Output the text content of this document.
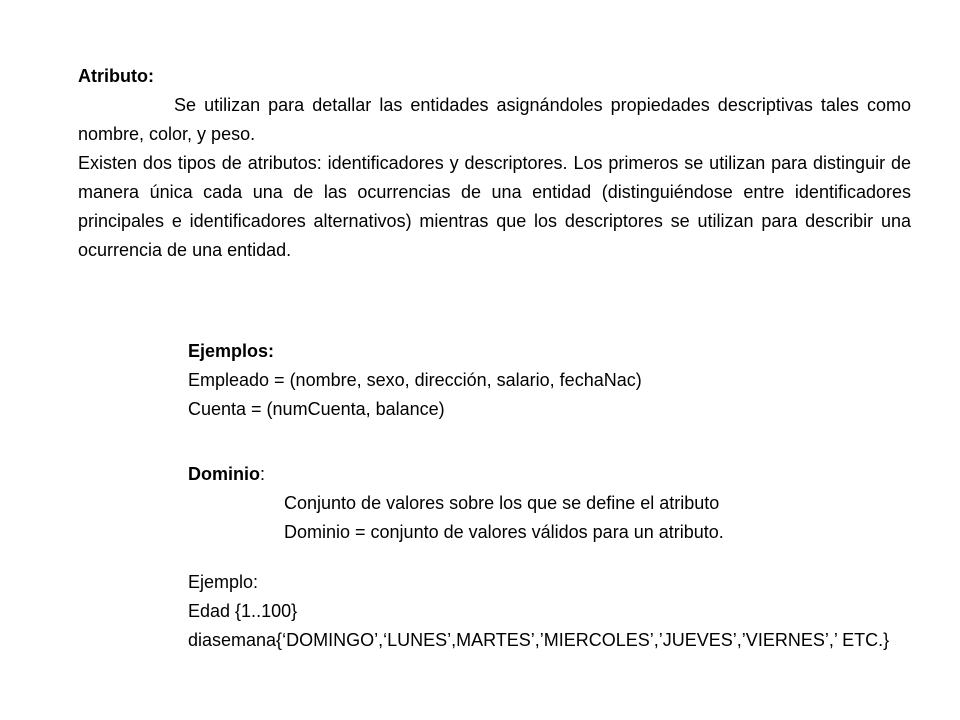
Atributo:
Se utilizan para detallar las entidades asignándoles propiedades descriptivas tales como nombre, color, y peso.
Existen dos tipos de atributos: identificadores y descriptores. Los primeros se utilizan para distinguir de manera única cada una de las ocurrencias de una entidad (distinguiéndose entre identificadores principales e identificadores alternativos) mientras que los descriptores se utilizan para describir una ocurrencia de una entidad.
Ejemplos:
Empleado = (nombre, sexo, dirección, salario, fechaNac)
Cuenta = (numCuenta, balance)
Dominio:
Conjunto de valores sobre los que se define el atributo
Dominio = conjunto de valores válidos para un atributo.
Ejemplo:
Edad {1..100}
diasemana{‘DOMINGO’,‘LUNES’,MARTES’,’MIERCOLES’,’JUEVES’,’VIERNES’,’ ETC.}
